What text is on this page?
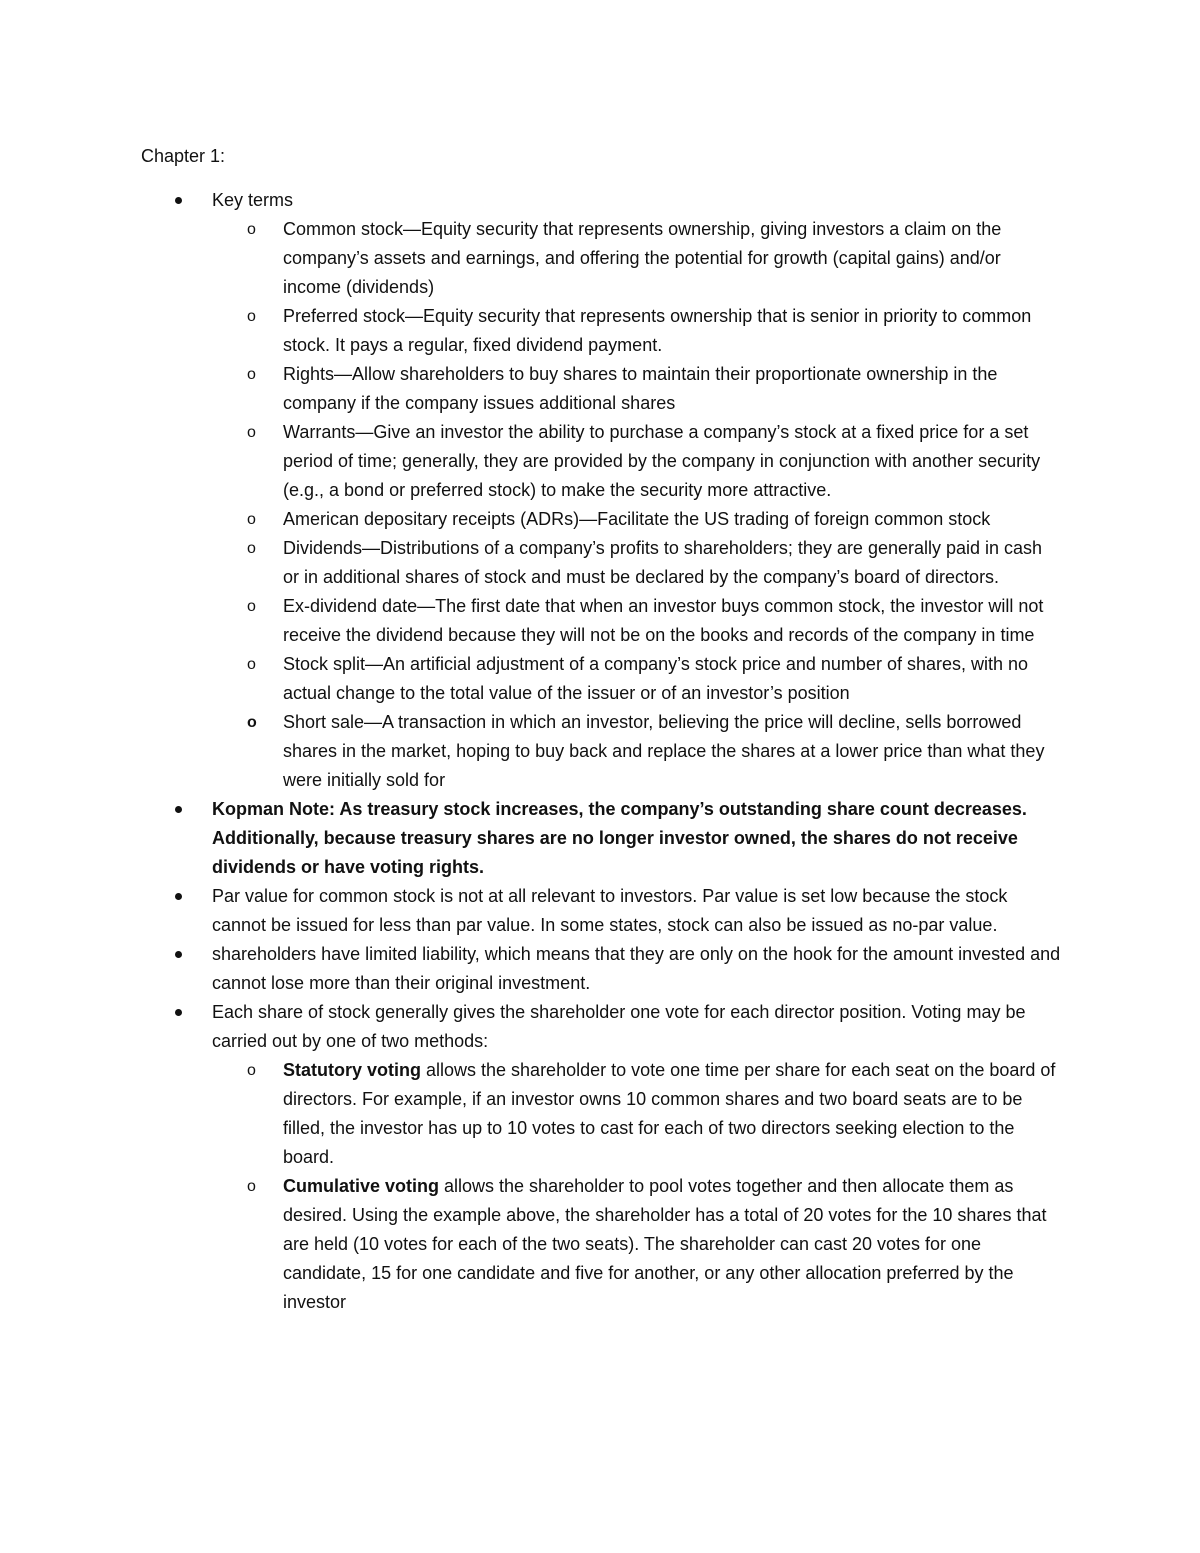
Chapter 1:

Key terms
o Common stock—Equity security that represents ownership, giving investors a claim on the company’s assets and earnings, and offering the potential for growth (capital gains) and/or income (dividends)
o Preferred stock—Equity security that represents ownership that is senior in priority to common stock. It pays a regular, fixed dividend payment.
o Rights—Allow shareholders to buy shares to maintain their proportionate ownership in the company if the company issues additional shares
o Warrants—Give an investor the ability to purchase a company’s stock at a fixed price for a set period of time; generally, they are provided by the company in conjunction with another security (e.g., a bond or preferred stock) to make the security more attractive.
o American depositary receipts (ADRs)—Facilitate the US trading of foreign common stock
o Dividends—Distributions of a company’s profits to shareholders; they are generally paid in cash or in additional shares of stock and must be declared by the company’s board of directors.
o Ex-dividend date—The first date that when an investor buys common stock, the investor will not receive the dividend because they will not be on the books and records of the company in time
o Stock split—An artificial adjustment of a company’s stock price and number of shares, with no actual change to the total value of the issuer or of an investor’s position
o Short sale—A transaction in which an investor, believing the price will decline, sells borrowed shares in the market, hoping to buy back and replace the shares at a lower price than what they were initially sold for
Kopman Note: As treasury stock increases, the company’s outstanding share count decreases. Additionally, because treasury shares are no longer investor owned, the shares do not receive dividends or have voting rights.
Par value for common stock is not at all relevant to investors. Par value is set low because the stock cannot be issued for less than par value. In some states, stock can also be issued as no-par value.
shareholders have limited liability, which means that they are only on the hook for the amount invested and cannot lose more than their original investment.
Each share of stock generally gives the shareholder one vote for each director position. Voting may be carried out by one of two methods:
o Statutory voting allows the shareholder to vote one time per share for each seat on the board of directors. For example, if an investor owns 10 common shares and two board seats are to be filled, the investor has up to 10 votes to cast for each of two directors seeking election to the board.
o Cumulative voting allows the shareholder to pool votes together and then allocate them as desired. Using the example above, the shareholder has a total of 20 votes for the 10 shares that are held (10 votes for each of the two seats). The shareholder can cast 20 votes for one candidate, 15 for one candidate and five for another, or any other allocation preferred by the investor
